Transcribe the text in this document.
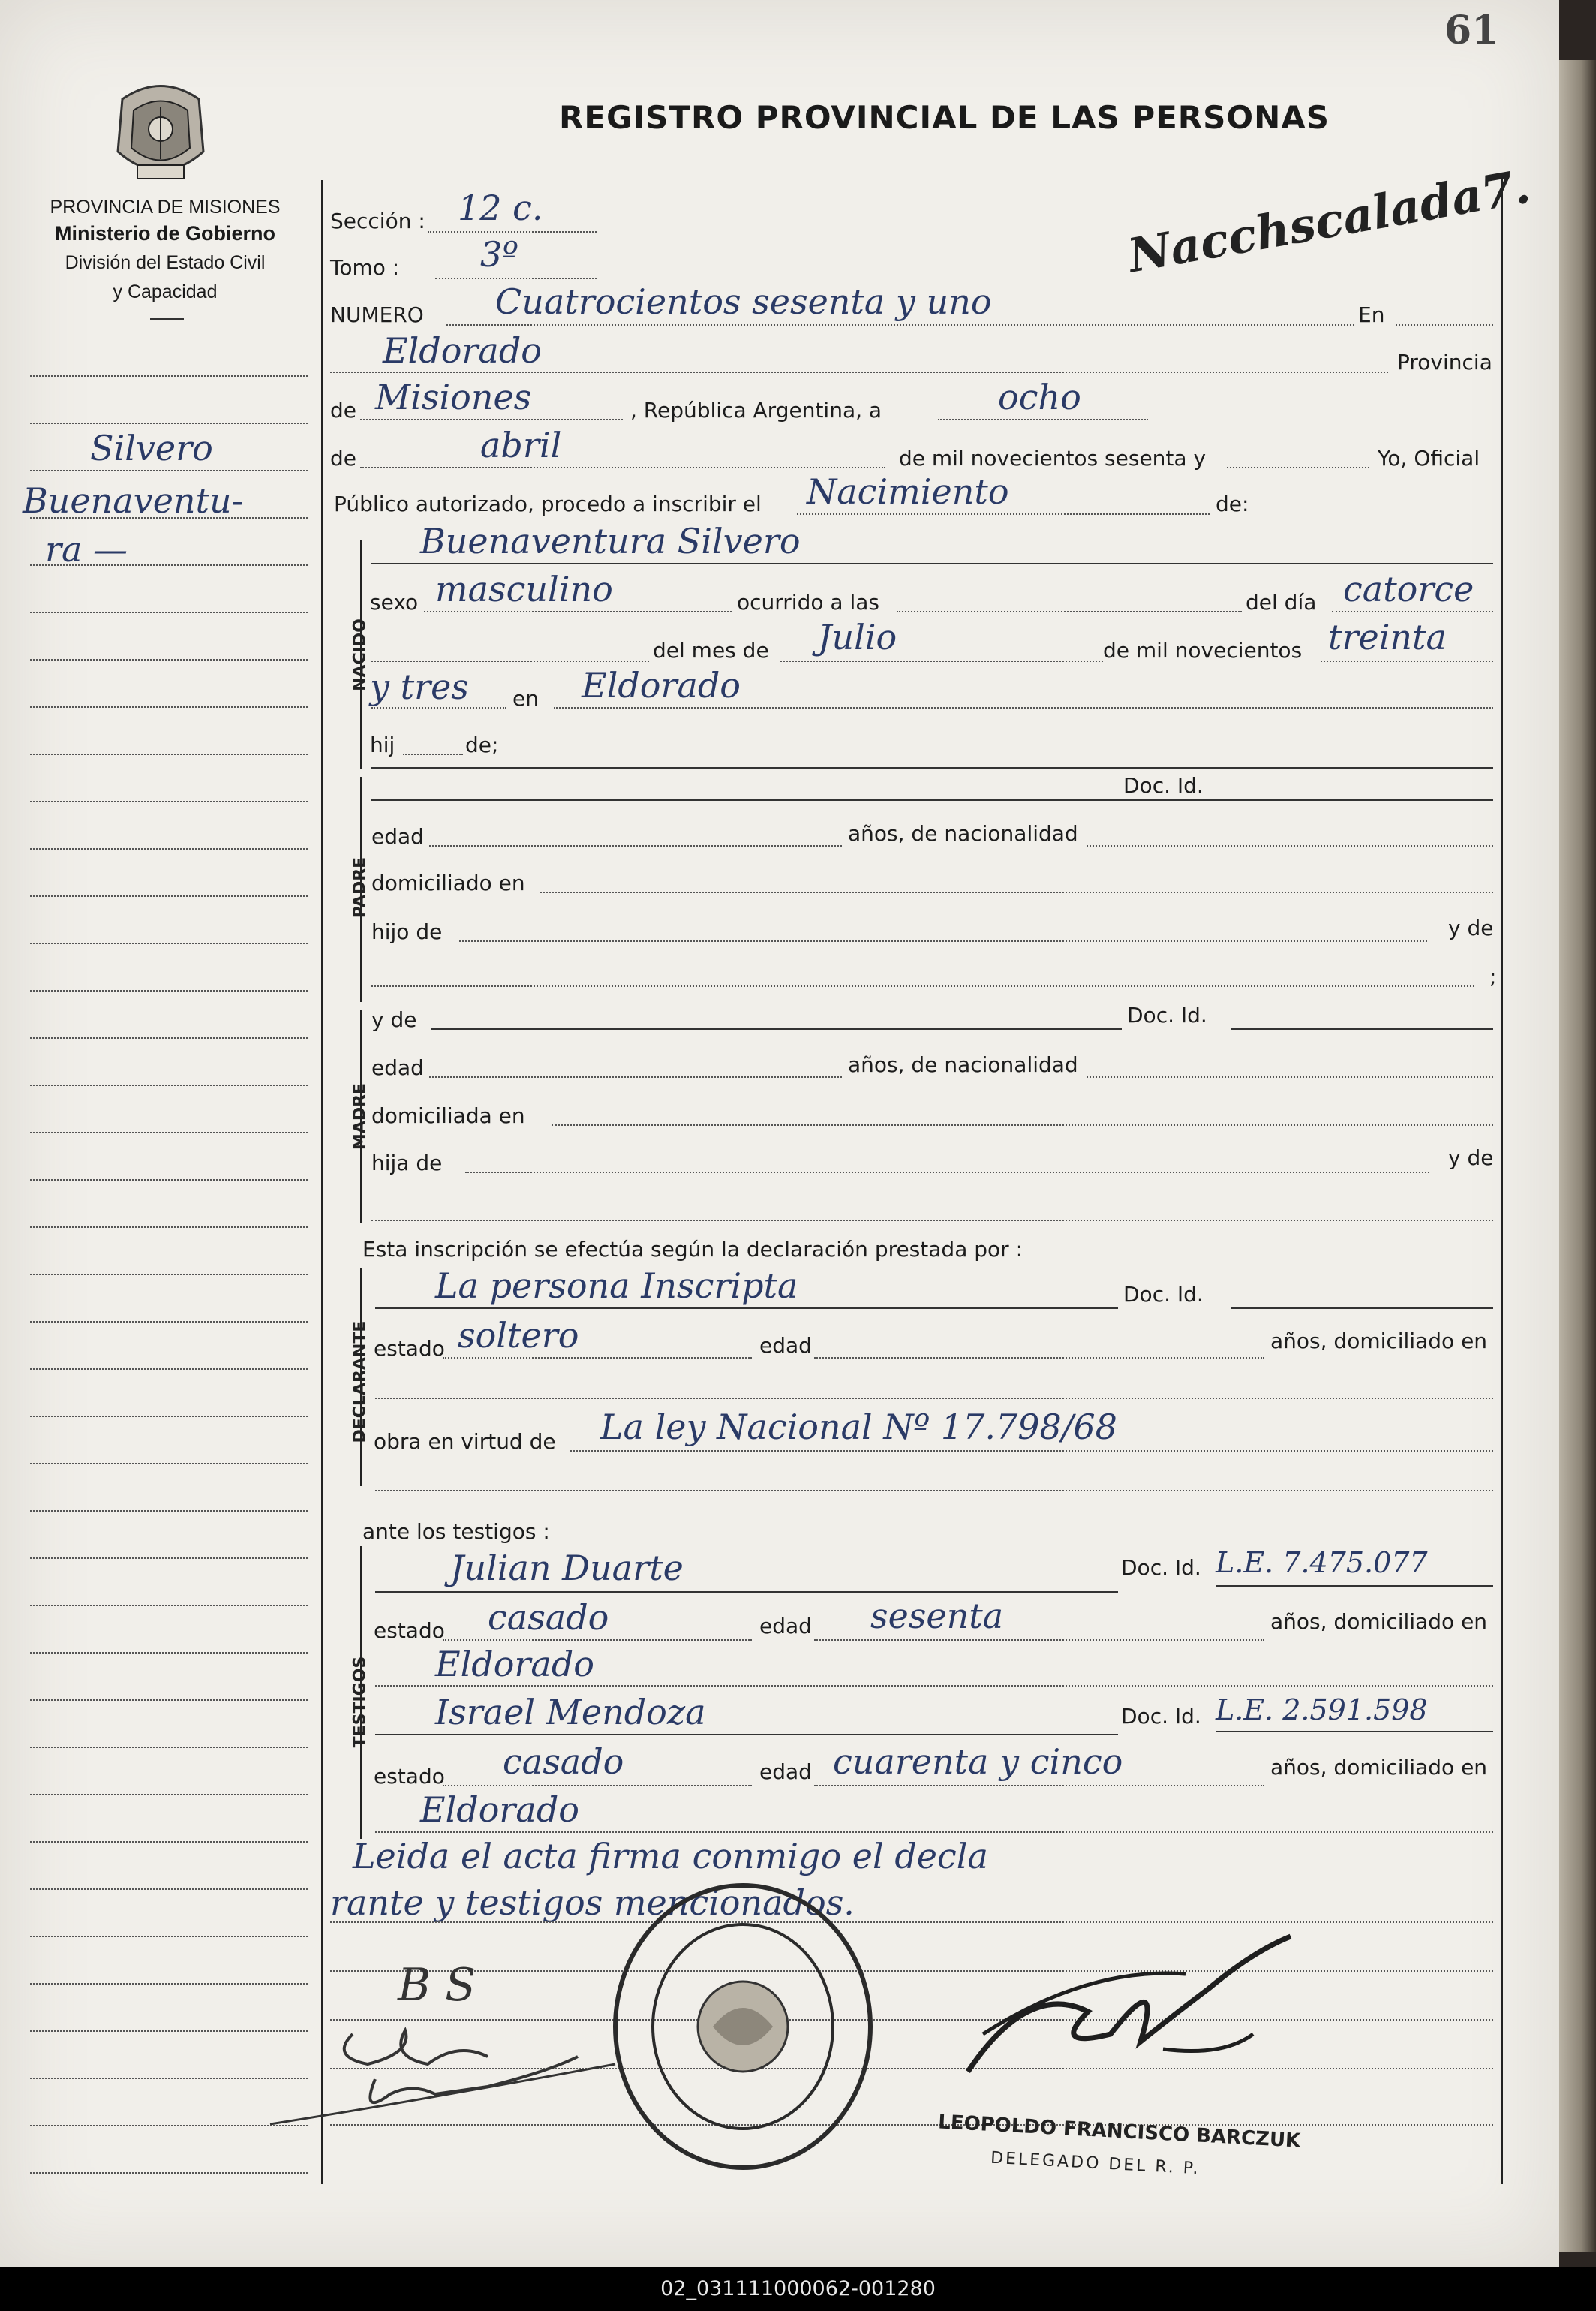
61
PROVINCIA DE MISIONES
Ministerio de Gobierno
División del Estado Civil
y Capacidad
REGISTRO PROVINCIAL DE LAS PERSONAS
Nacchscalada7.
Silvero
Buenaventu-
ra —
Sección : 12 c.
Tomo : 3º
NUMERO Cuatrocientos sesenta y uno	En
Eldorado	Provincia
de Misiones	, República Argentina, a	ocho
de	abril	de mil novecientos sesenta y	Yo, Oficial
Público autorizado, procedo a inscribir el Nacimiento	de:
NACIDO
Buenaventura Silvero
sexo masculino	ocurrido a las	del día catorce
del mes de Julio	de mil novecientos treinta
y tres en Eldorado
hij	de;
PADRE
Doc. Id.
edad	años, de nacionalidad
domiciliado en
hijo de	y de
;
MADRE
y de	Doc. Id.
edad	años, de nacionalidad
domiciliada en
hija de	y de
Esta inscripción se efectúa según la declaración prestada por :
DECLARANTE
La persona Inscripta	Doc. Id.
estado soltero	edad	años, domiciliado en
obra en virtud de La ley Nacional Nº 17.798/68
ante los testigos :
TESTIGOS
Julian Duarte	Doc. Id. L.E. 7.475.077
estado casado	edad sesenta	años, domiciliado en
Eldorado
Israel Mendoza	Doc. Id. L.E. 2.591.598
estado casado	edad cuarenta y cinco	años, domiciliado en
Eldorado
Leida el acta firma conmigo el decla
rante y testigos mencionados.
B S
LEOPOLDO FRANCISCO BARCZUK
DELEGADO DEL R. P.
02_031111000062-001280
